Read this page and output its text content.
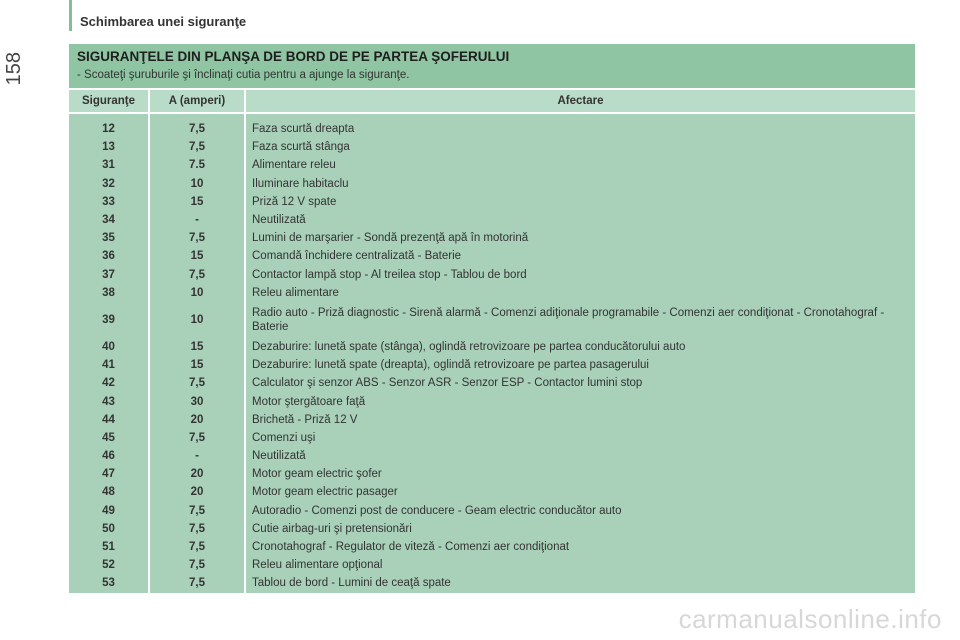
Schimbarea unei siguranţe
158	SIGURANŢELE DIN PLANŞA DE BORD DE PE PARTEA ŞOFERULUI
- Scoateţi şuruburile şi înclinaţi cutia pentru a ajunge la siguranţe.
Siguranţe	A (amperi)	Afectare
12	7,5	Faza scurtă dreapta
13	7,5	Faza scurtă stânga
31	7.5	Alimentare releu
32	10	Iluminare habitaclu
33	15	Priză 12 V spate
34	-	Neutilizată
35	7,5	Lumini de marşarier - Sondă prezenţă apă în motorină
36	15	Comandă închidere centralizată - Baterie
37	7,5	Contactor lampă stop - Al treilea stop - Tablou de bord
38	10	Releu alimentare
39	10	Radio auto - Priză diagnostic - Sirenă alarmă - Comenzi adiţionale programabile - Comenzi aer condiţionat - Cronotahograf - Baterie
40	15	Dezaburire: lunetă spate (stânga), oglindă retrovizoare pe partea conducătorului auto
41	15	Dezaburire: lunetă spate (dreapta), oglindă retrovizoare pe partea pasagerului
42	7,5	Calculator şi senzor ABS - Senzor ASR - Senzor ESP - Contactor lumini stop
43	30	Motor ştergătoare faţă
44	20	Brichetă - Priză 12 V
45	7,5	Comenzi uşi
46	-	Neutilizată
47	20	Motor geam electric şofer
48	20	Motor geam electric pasager
49	7,5	Autoradio - Comenzi post de conducere - Geam electric conducător auto
50	7,5	Cutie airbag-uri şi pretensionări
51	7,5	Cronotahograf - Regulator de viteză - Comenzi aer condiţionat
52	7,5	Releu alimentare opţional
53	7,5	Tablou de bord - Lumini de ceaţă spate
carmanualsonline.info
